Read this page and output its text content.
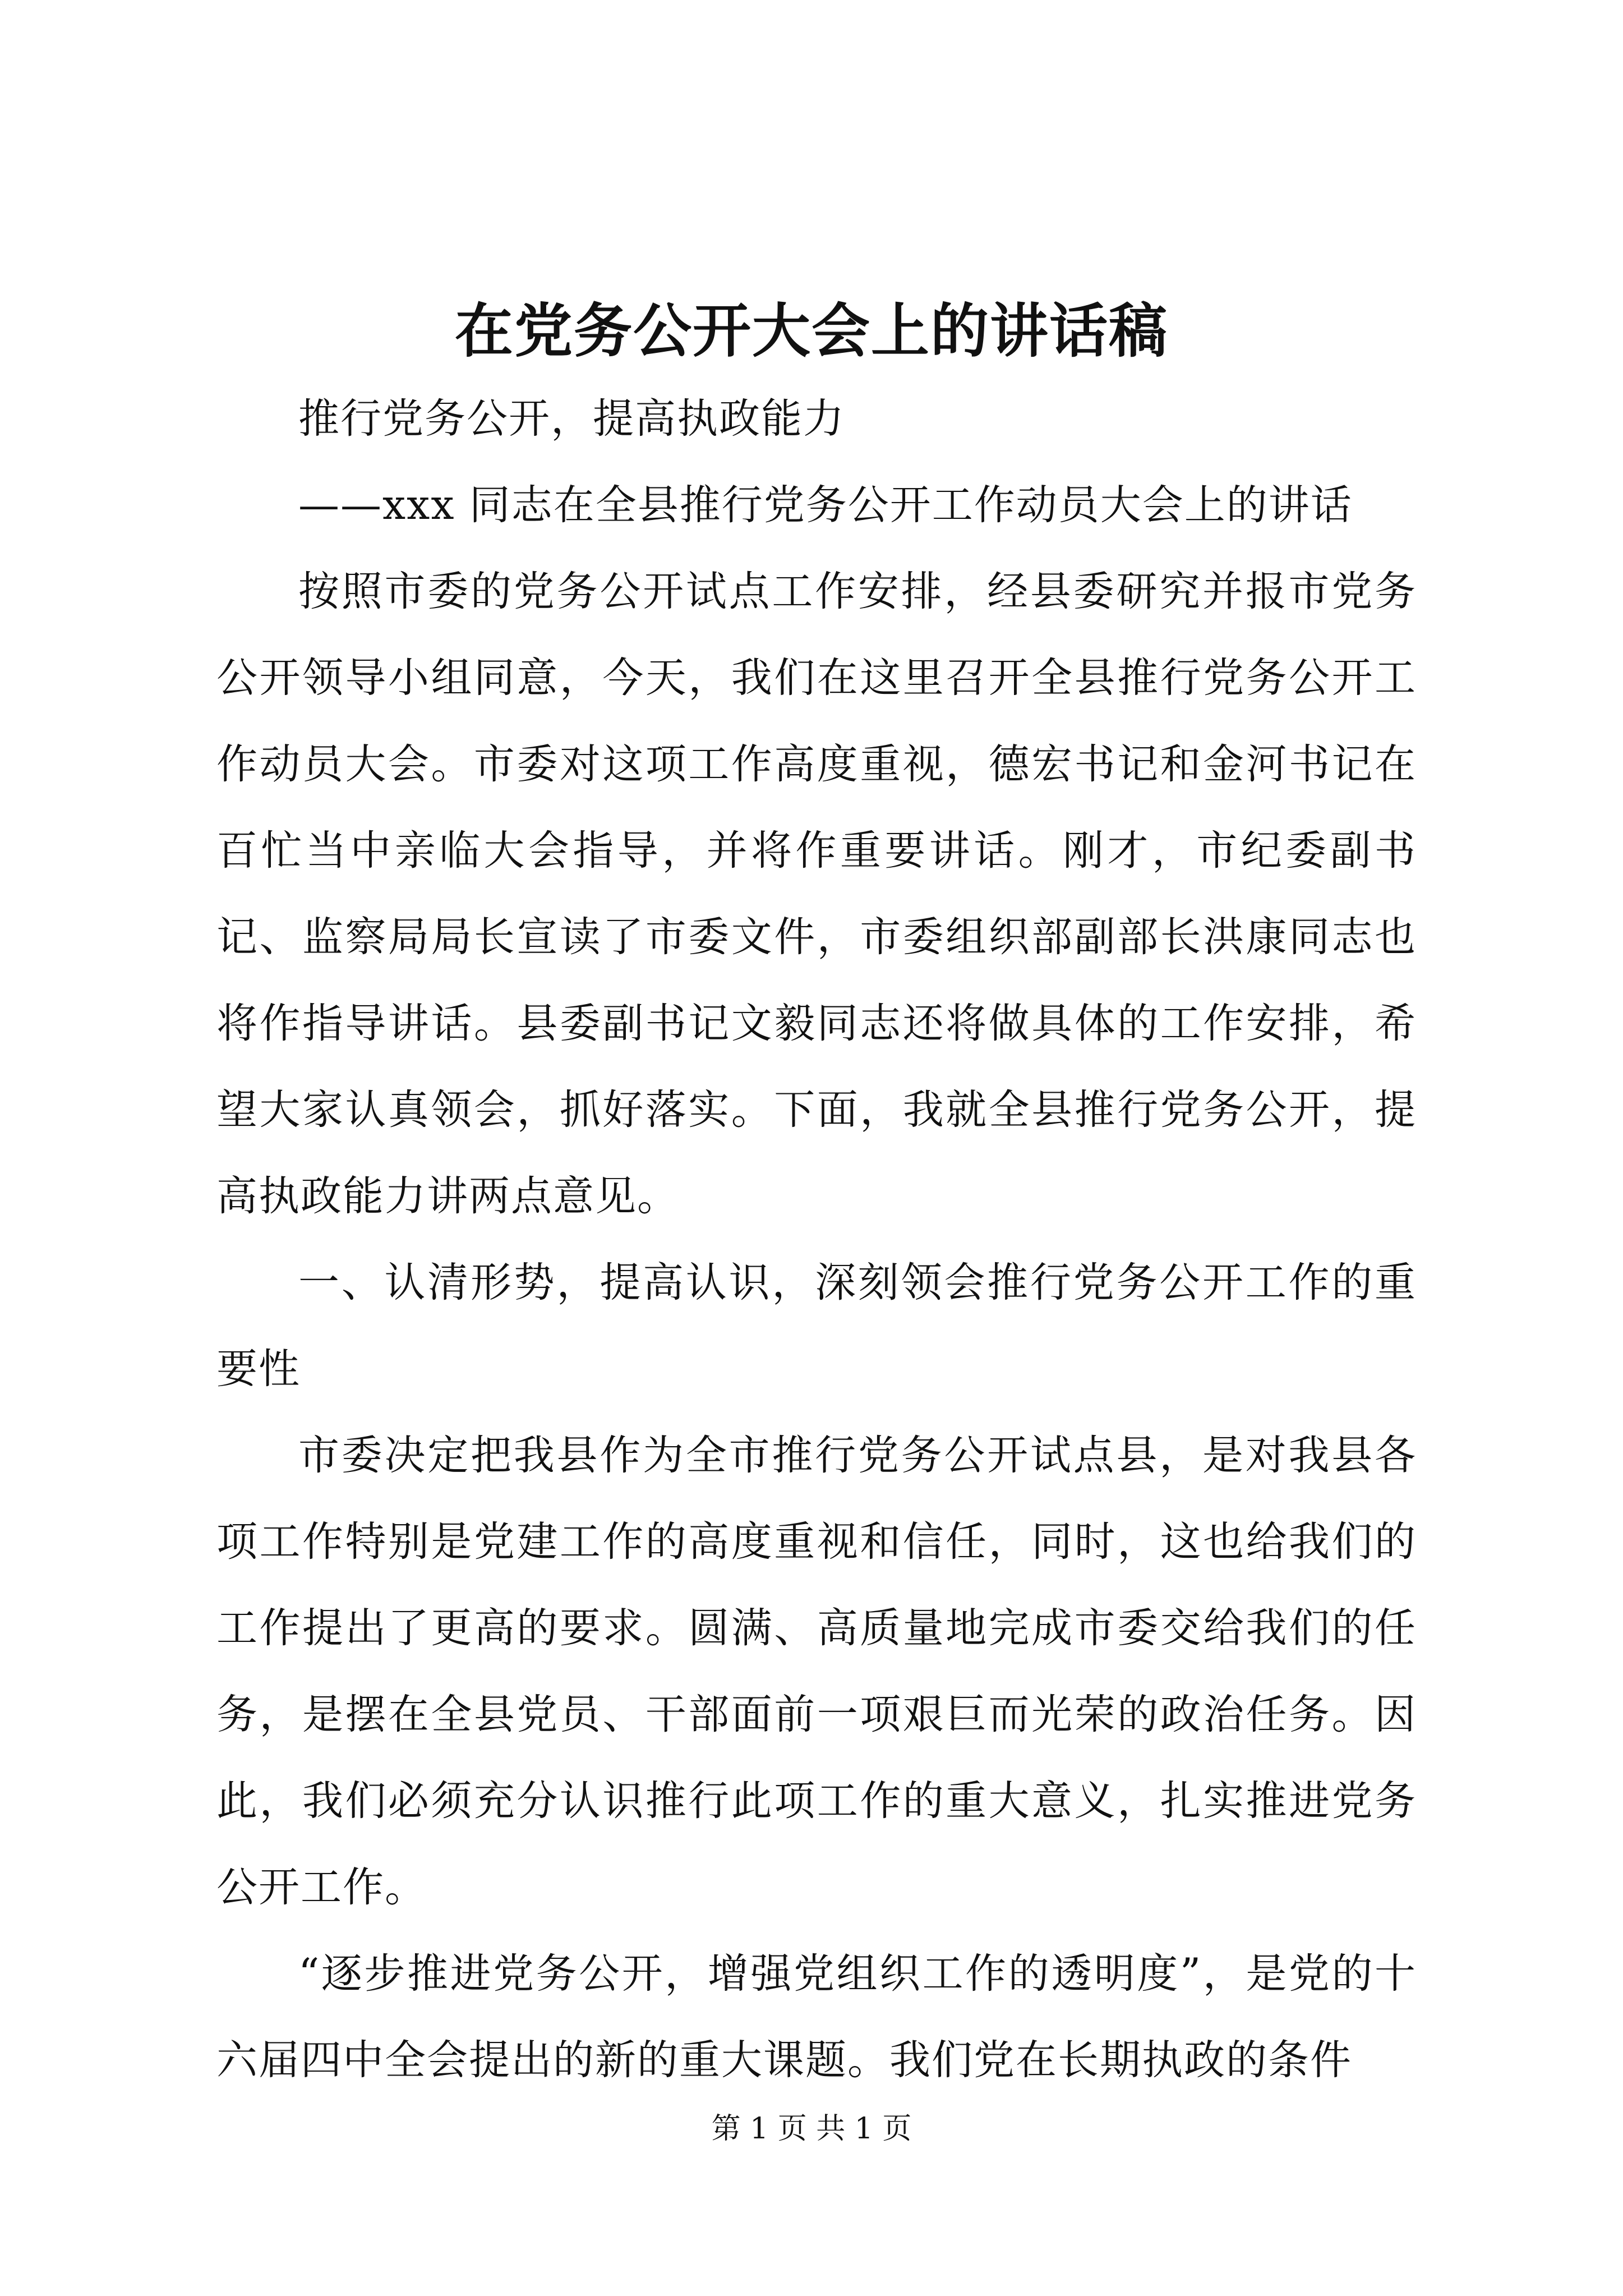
在党务公开大会上的讲话稿

推行党务公开，提高执政能力

——xxx 同志在全县推行党务公开工作动员大会上的讲话

按照市委的党务公开试点工作安排，经县委研究并报市党务公开领导小组同意，今天，我们在这里召开全县推行党务公开工作动员大会。市委对这项工作高度重视，德宏书记和金河书记在百忙当中亲临大会指导，并将作重要讲话。刚才，市纪委副书记、监察局局长宣读了市委文件，市委组织部副部长洪康同志也将作指导讲话。县委副书记文毅同志还将做具体的工作安排，希望大家认真领会，抓好落实。下面，我就全县推行党务公开，提高执政能力讲两点意见。

一、认清形势，提高认识，深刻领会推行党务公开工作的重要性

市委决定把我县作为全市推行党务公开试点县，是对我县各项工作特别是党建工作的高度重视和信任，同时，这也给我们的工作提出了更高的要求。圆满、高质量地完成市委交给我们的任务，是摆在全县党员、干部面前一项艰巨而光荣的政治任务。因此，我们必须充分认识推行此项工作的重大意义，扎实推进党务公开工作。

“逐步推进党务公开，增强党组织工作的透明度”，是党的十六届四中全会提出的新的重大课题。我们党在长期执政的条件

第 1 页 共 1 页
